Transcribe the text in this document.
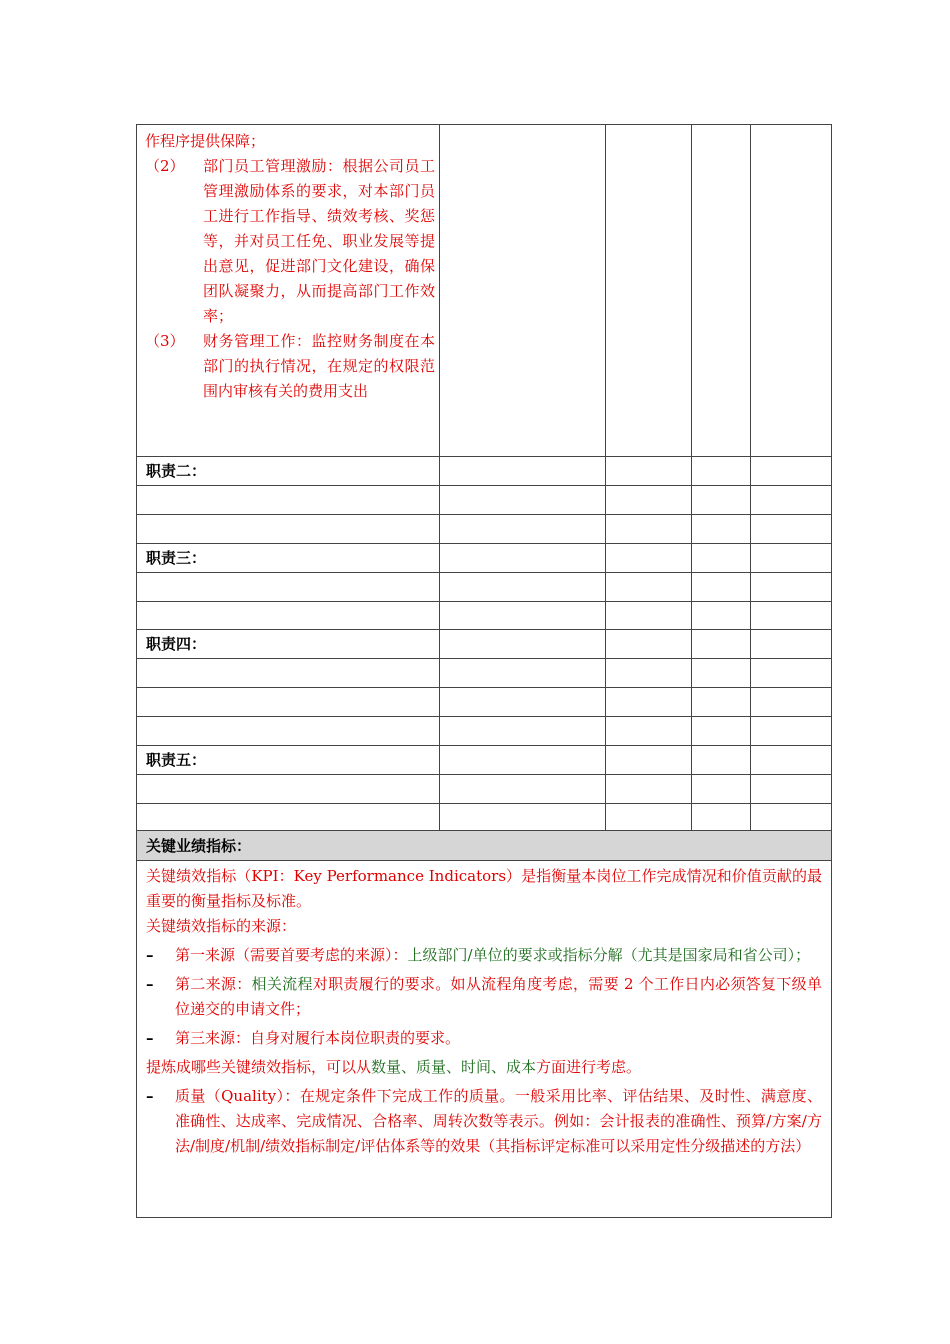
作程序提供保障；
（2）	部门员工管理激励：根据公司员工管理激励体系的要求，对本部门员工进行工作指导、绩效考核、奖惩等，并对员工任免、职业发展等提出意见，促进部门文化建设，确保团队凝聚力，从而提高部门工作效率；
（3）	财务管理工作：监控财务制度在本部门的执行情况，在规定的权限范围内审核有关的费用支出
职责二：
职责三：
职责四：
职责五：
关键业绩指标：

关键绩效指标（KPI：Key Performance Indicators）是指衡量本岗位工作完成情况和价值贡献的最重要的衡量指标及标准。

关键绩效指标的来源：

–	第一来源（需要首要考虑的来源）：上级部门/单位的要求或指标分解（尤其是国家局和省公司）；
–	第二来源：相关流程对职责履行的要求。如从流程角度考虑，需要 2 个工作日内必须答复下级单位递交的申请文件；
–	第三来源：自身对履行本岗位职责的要求。

提炼成哪些关键绩效指标，可以从数量、质量、时间、成本方面进行考虑。

–	质量（Quality）：在规定条件下完成工作的质量。一般采用比率、评估结果、及时性、满意度、准确性、达成率、完成情况、合格率、周转次数等表示。例如：会计报表的准确性、预算/方案/方法/制度/机制/绩效指标制定/评估体系等的效果（其指标评定标准可以采用定性分级描述的方法）
